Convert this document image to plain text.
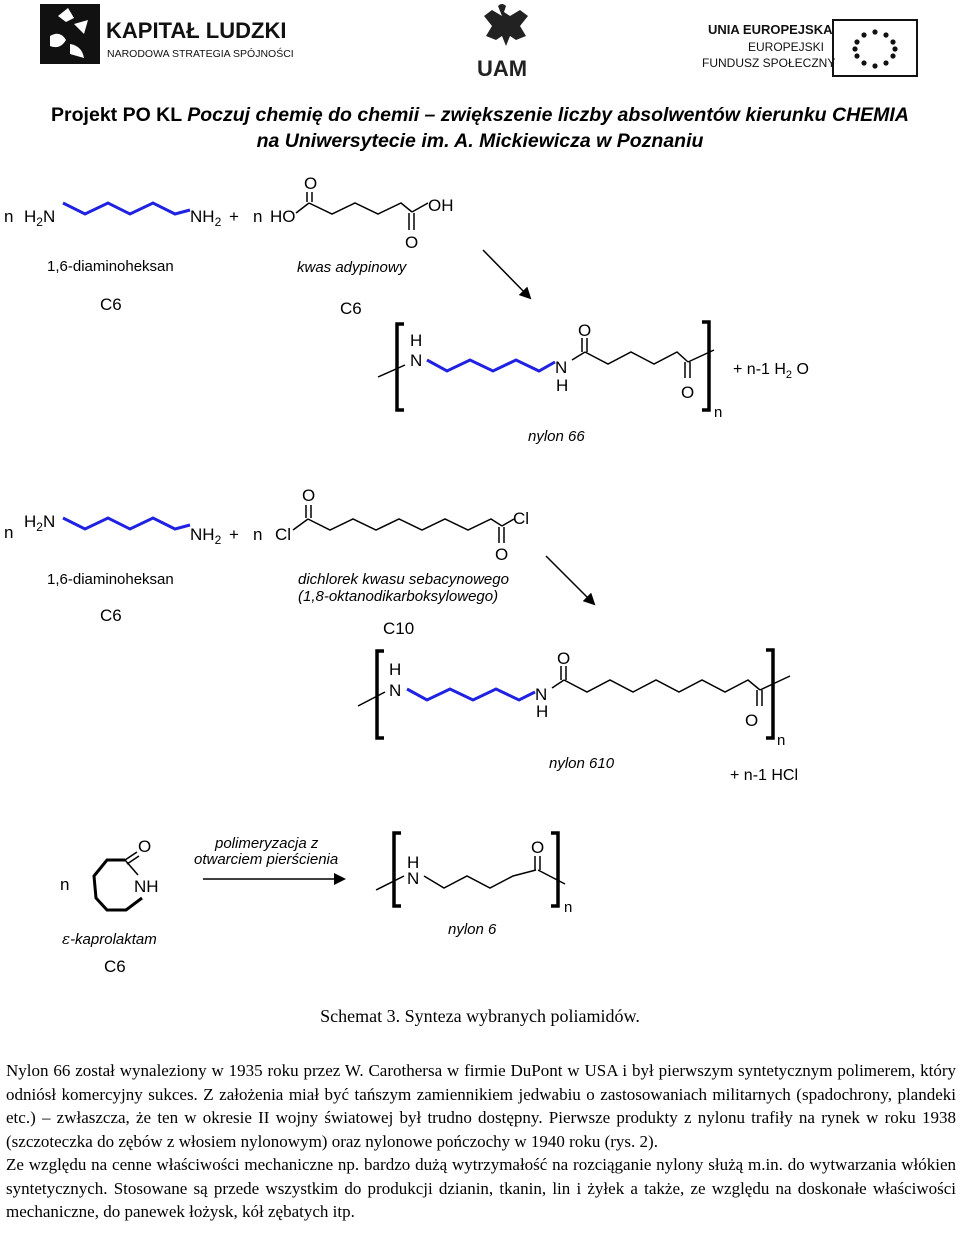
KAPITAŁ LUDZKI
NARODOWA STRATEGIA SPÓJNOŚCI
UAM
UNIA EUROPEJSKA
EUROPEJSKI
FUNDUSZ SPOŁECZNY
Projekt PO KL Poczuj chemię do chemii – zwiększenie liczby absolwentów kierunku CHEMIA
na Uniwersytecie im. A. Mickiewicza w Poznaniu
n $H_2N$	$NH_2 + n$ HO
O
OH
O
1,6-diaminoheksan	kwas adypinowy
C6	C6
H
N	N
H
O
O
n
+ n-1 $H_2$ O
nylon 66
n
$H_2N$
$NH_2 + n$ Cl
O
Cl
O
1,6-diaminoheksan	dichlorek kwasu sebacynowego
(1,8-oktanodikarboksylowego)
C6
C10
H
N	N
H
O
O
n
nylon 610
+ n-1 HCl
n
O
NH
polimeryzacja z
otwarciem pierścienia	H
N
O
n
ε-kaprolaktam
nylon 6
C6
Schemat 3. Synteza wybranych poliamidów.

Nylon 66 został wynaleziony w 1935 roku przez W. Carothersa w firmie DuPont w USA i był pierwszym syntetycznym polimerem, który odniósł komercyjny sukces. Z założenia miał być tańszym zamiennikiem jedwabiu o zastosowaniach militarnych (spadochrony, plandeki etc.) – zwłaszcza, że ten w okresie II wojny światowej był trudno dostępny. Pierwsze produkty z nylonu trafiły na rynek w roku 1938 (szczoteczka do zębów z włosiem nylonowym) oraz nylonowe pończochy w 1940 roku (rys. 2).

Ze względu na cenne właściwości mechaniczne np. bardzo dużą wytrzymałość na rozciąganie nylony służą m.in. do wytwarzania włókien syntetycznych. Stosowane są przede wszystkim do produkcji dzianin, tkanin, lin i żyłek a także, ze względu na doskonałe właściwości mechaniczne, do panewek łożysk, kół zębatych itp.
